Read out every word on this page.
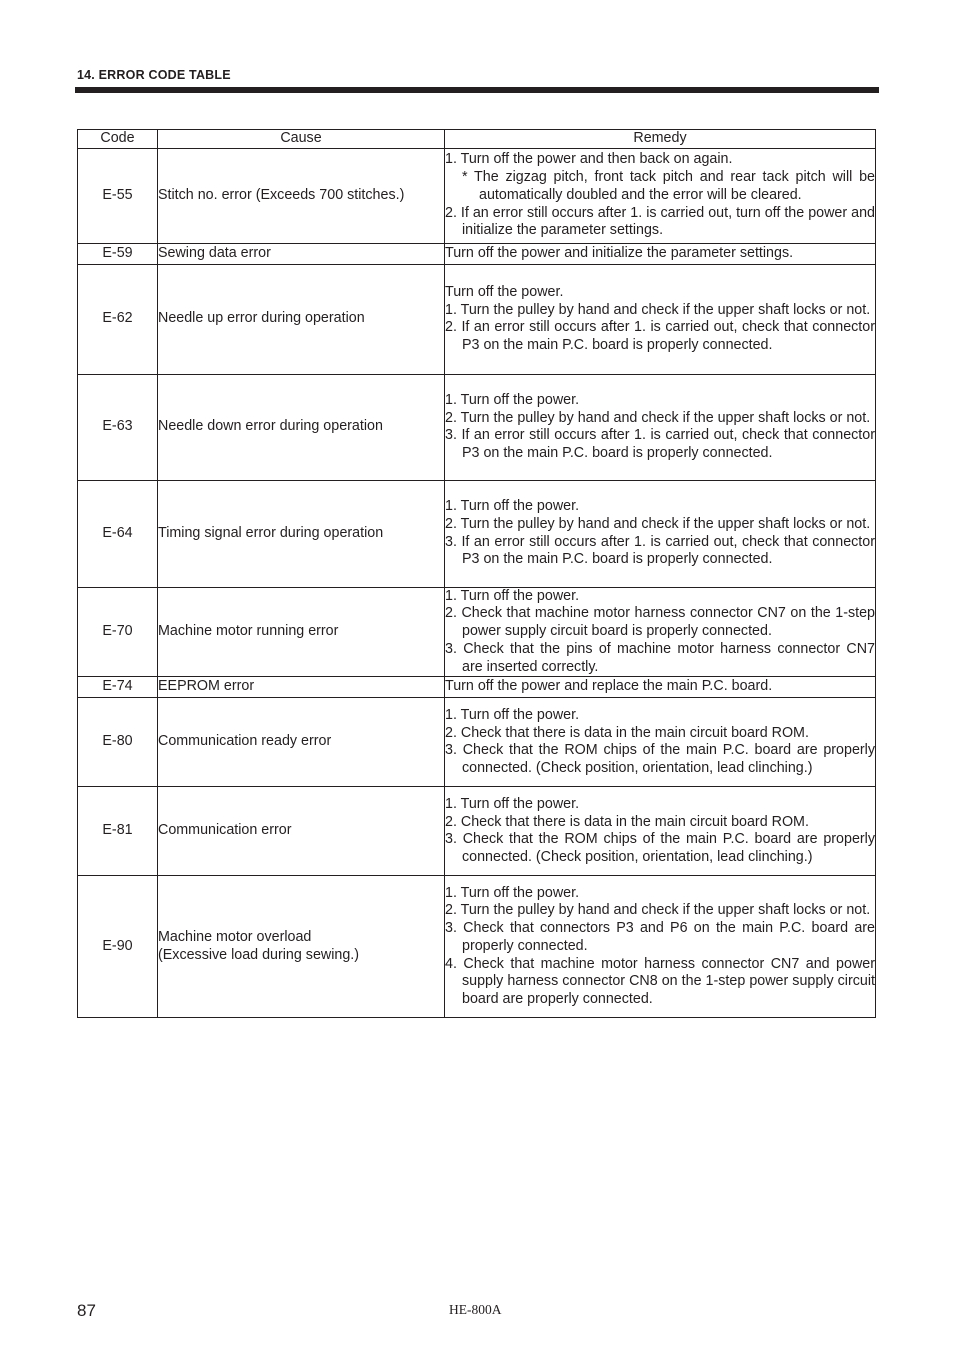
14. ERROR CODE TABLE
Code	Cause	Remedy
E-55	Stitch no. error (Exceeds 700 stitches.)	1. Turn off the power and then back on again.
* The zigzag pitch, front tack pitch and rear tack pitch will be automatically doubled and the error will be cleared.
2. If an error still occurs after 1. is carried out, turn off the power and initialize the parameter settings.

E-59	Sewing data error	Turn off the power and initialize the parameter settings.

E-62	Needle up error during operation	Turn off the power.
1. Turn the pulley by hand and check if the upper shaft locks or not.
2. If an error still occurs after 1. is carried out, check that connector P3 on the main P.C. board is properly connected.

E-63	Needle down error during operation	1. Turn off the power.
2. Turn the pulley by hand and check if the upper shaft locks or not.
3. If an error still occurs after 1. is carried out, check that connector P3 on the main P.C. board is properly connected.

E-64	Timing signal error during operation	1. Turn off the power.
2. Turn the pulley by hand and check if the upper shaft locks or not.
3. If an error still occurs after 1. is carried out, check that connector P3 on the main P.C. board is properly connected.

E-70	Machine motor running error	1. Turn off the power.
2. Check that machine motor harness connector CN7 on the 1-step power supply circuit board is properly connected.
3. Check that the pins of machine motor harness connector CN7 are inserted correctly.

E-74	EEPROM error	Turn off the power and replace the main P.C. board.

E-80	Communication ready error	1. Turn off the power.
2. Check that there is data in the main circuit board ROM.
3. Check that the ROM chips of the main P.C. board are properly connected. (Check position, orientation, lead clinching.)

E-81	Communication error	1. Turn off the power.
2. Check that there is data in the main circuit board ROM.
3. Check that the ROM chips of the main P.C. board are properly connected. (Check position, orientation, lead clinching.)

E-90	Machine motor overload
(Excessive load during sewing.)	1. Turn off the power.
2. Turn the pulley by hand and check if the upper shaft locks or not.
3. Check that connectors P3 and P6 on the main P.C. board are properly connected.
4. Check that machine motor harness connector CN7 and power supply harness connector CN8 on the 1-step power supply circuit board are properly connected.
87	HE-800A
